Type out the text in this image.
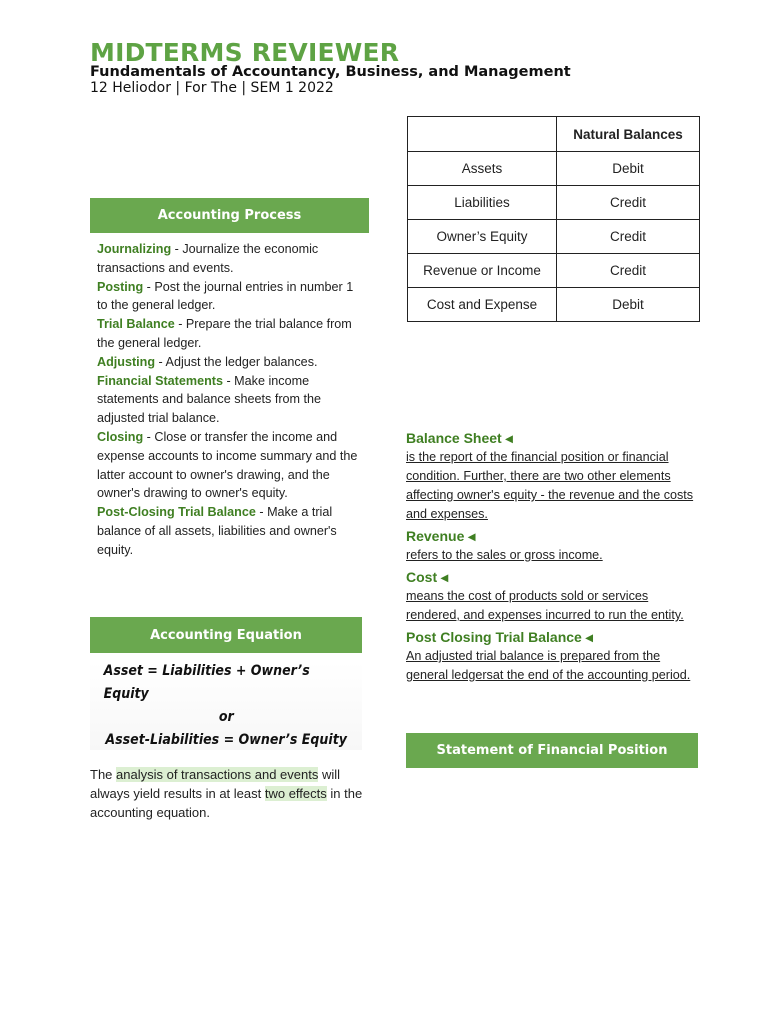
MIDTERMS REVIEWER
Fundamentals of Accountancy, Business, and Management
12 Heliodor | For The | SEM 1 2022
	Natural Balances
Assets	Debit
Liabilities	Credit
Owner’s Equity	Credit
Revenue or Income	Credit
Cost and Expense	Debit
Accounting Process

Journalizing - Journalize the economic transactions and events.

Posting - Post the journal entries in number 1 to the general ledger.

Trial Balance - Prepare the trial balance from the general ledger.

Adjusting - Adjust the ledger balances.

Financial Statements - Make income statements and balance sheets from the adjusted trial balance.

Closing - Close or transfer the income and expense accounts to income summary and the latter account to owner's drawing, and the owner's drawing to owner's equity.

Post-Closing Trial Balance - Make a trial balance of all assets, liabilities and owner's equity.

Accounting Equation
Asset = Liabilities + Owner’s Equity
or
Asset-Liabilities = Owner’s Equity
The analysis of transactions and events will always yield results in at least two effects in the accounting equation.

Balance Sheet ◂

is the report of the financial position or financial condition. Further, there are two other elements affecting owner's equity - the revenue and the costs and expenses.

Revenue ◂

refers to the sales or gross income.

Cost ◂

means the cost of products sold or services rendered, and expenses incurred to run the entity.

Post Closing Trial Balance ◂

An adjusted trial balance is prepared from the general ledgersat the end of the accounting period.

Statement of Financial Position
